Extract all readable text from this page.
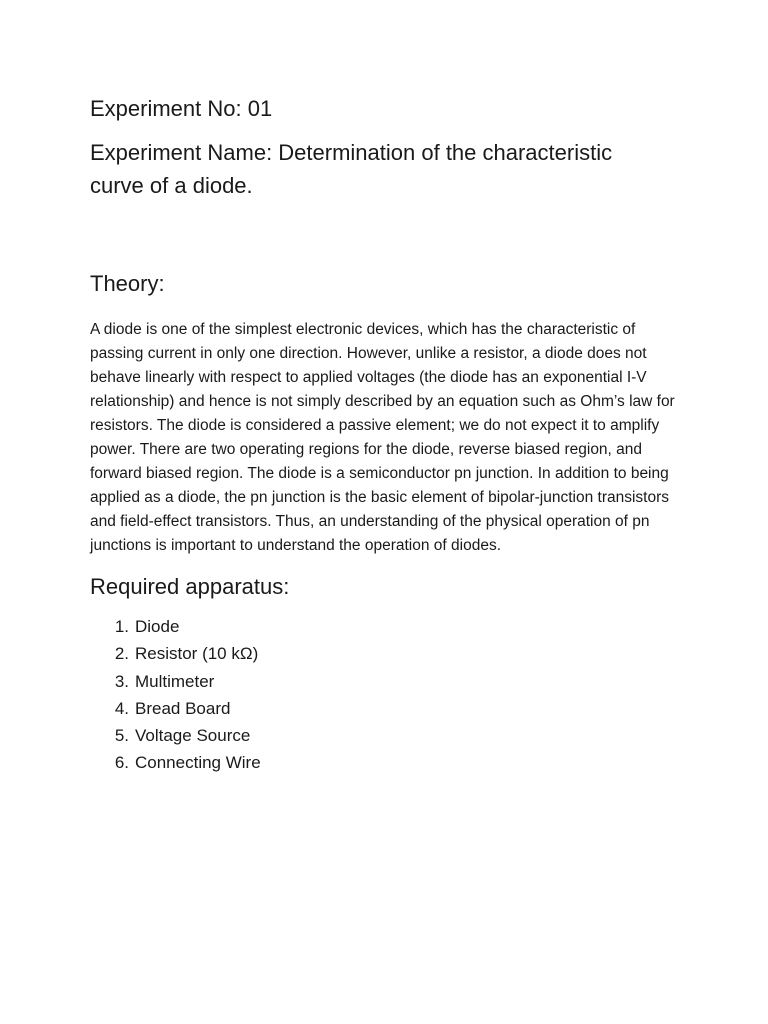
Experiment No: 01
Experiment Name: Determination of the characteristic curve of a diode.
Theory:

A diode is one of the simplest electronic devices, which has the characteristic of passing current in only one direction. However, unlike a resistor, a diode does not behave linearly with respect to applied voltages (the diode has an exponential I-V relationship) and hence is not simply described by an equation such as Ohm’s law for resistors. The diode is considered a passive element; we do not expect it to amplify power. There are two operating regions for the diode, reverse biased region, and forward biased region. The diode is a semiconductor pn junction. In addition to being applied as a diode, the pn junction is the basic element of bipolar-junction transistors and field-effect transistors. Thus, an understanding of the physical operation of pn junctions is important to understand the operation of diodes.

Required apparatus:
1. Diode
2. Resistor (10 kΩ)
3. Multimeter
4. Bread Board
5. Voltage Source
6. Connecting Wire
